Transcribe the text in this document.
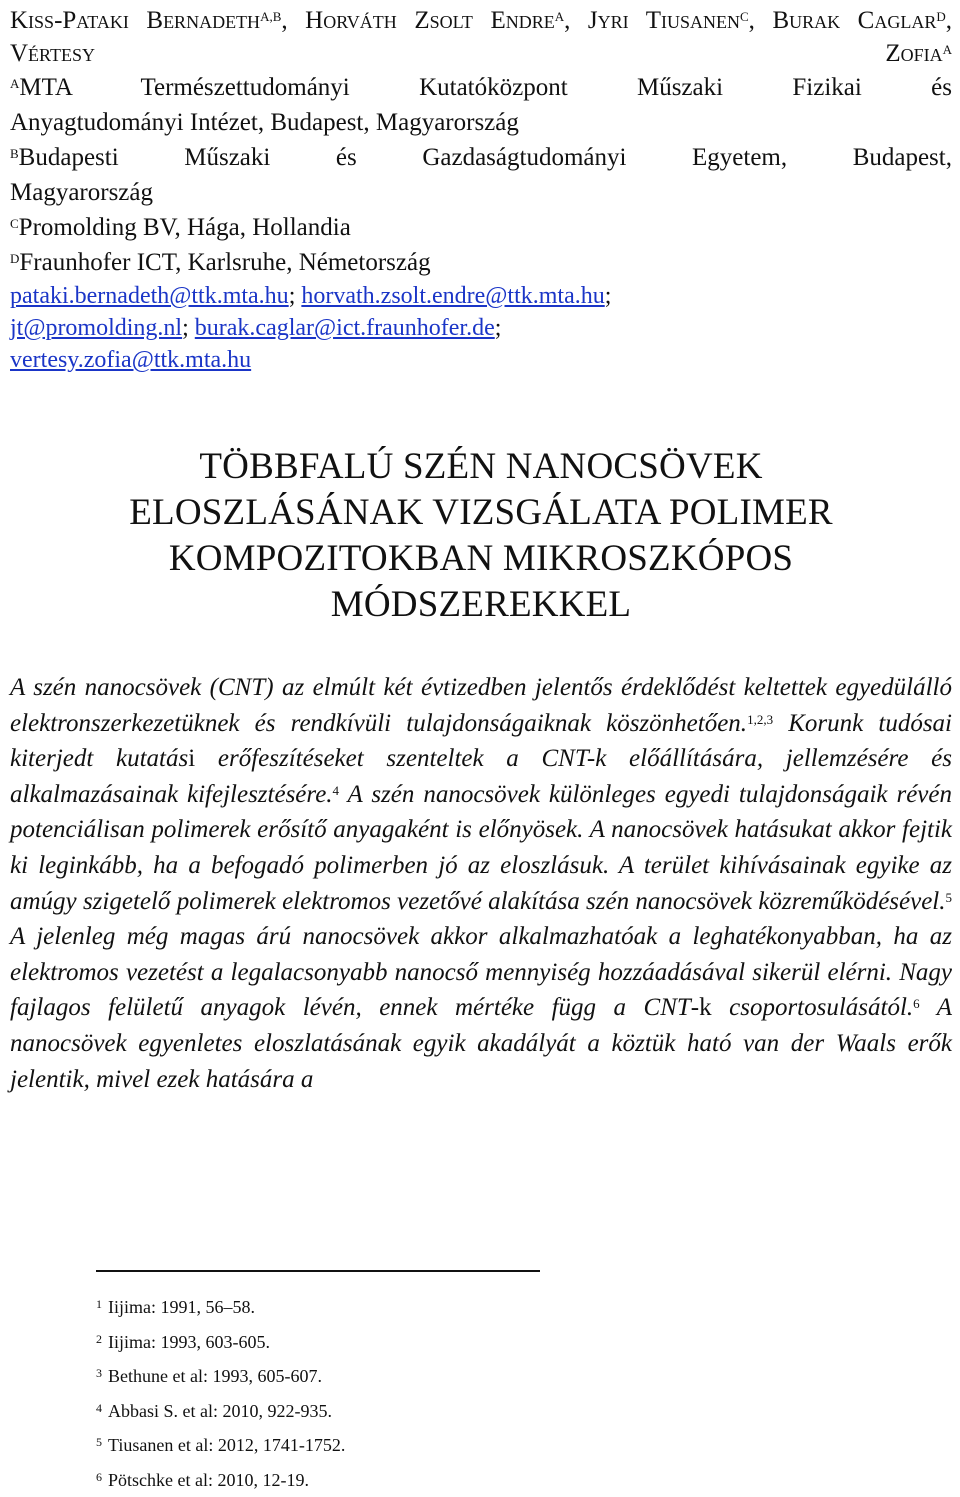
Kiss-Pataki Bernadeth$^{A,B}$, Horváth Zsolt Endre$^A$, Jyri Tiusanen$^C$, Burak Caglar$^D$, Vértesy	Zofia$^A$
$^A$MTA Természettudományi Kutatóközpont Műszaki Fizikai és
Anyagtudományi Intézet, Budapest, Magyarország
$^B$Budapesti Műszaki és Gazdaságtudományi Egyetem, Budapest,
Magyarország
$^C$Promolding BV, Hága, Hollandia
$^D$Fraunhofer ICT, Karlsruhe, Németország
pataki.bernadeth@ttk.mta.hu; horvath.zsolt.endre@ttk.mta.hu;
jt@promolding.nl; burak.caglar@ict.fraunhofer.de;
vertesy.zofia@ttk.mta.hu
TÖBBFALÚ SZÉN NANOCSÖVEK
ELOSZLÁSÁNAK VIZSGÁLATA POLIMER
KOMPOZITOKBAN MIKROSZKÓPOS
MÓDSZEREKKEL
A szén nanocsövek (CNT) az elmúlt két évtizedben jelentős érdeklődést keltettek egyedülálló elektronszerkezetüknek és rendkívüli tulajdonságaiknak köszönhetően.$^{1,2,3}$ Korunk tudósai kiterjedt kutatási erőfeszítéseket szenteltek a CNT-k előállítására, jellemzésére és alkalmazásainak kifejlesztésére.$^4$ A szén nanocsövek különleges egyedi tulajdonságaik révén potenciálisan polimerek erősítő anyagaként is előnyösek. A nanocsövek hatásukat akkor fejtik ki leginkább, ha a befogadó polimerben jó az eloszlásuk. A terület kihívásainak egyike az amúgy szigetelő polimerek elektromos vezetővé alakítása szén nanocsövek közreműködésével.$^5$ A jelenleg még magas árú nanocsövek akkor alkalmazhatóak a leghatékonyabban, ha az elektromos vezetést a legalacsonyabb nanocső mennyiség hozzáadásával sikerül elérni. Nagy fajlagos felületű anyagok lévén, ennek mértéke függ a CNT-k csoportosulásától.$^6$ A nanocsövek egyenletes eloszlatásának egyik akadályát a köztük ható van der Waals erők jelentik, mivel ezek hatására a
$^1$ Iijima: 1991, 56–58.
$^2$ Iijima: 1993, 603-605.
$^3$ Bethune et al: 1993, 605-607.
$^4$ Abbasi S. et al: 2010, 922-935.
$^5$ Tiusanen et al: 2012, 1741-1752.
$^6$ Pötschke et al: 2010, 12-19.
